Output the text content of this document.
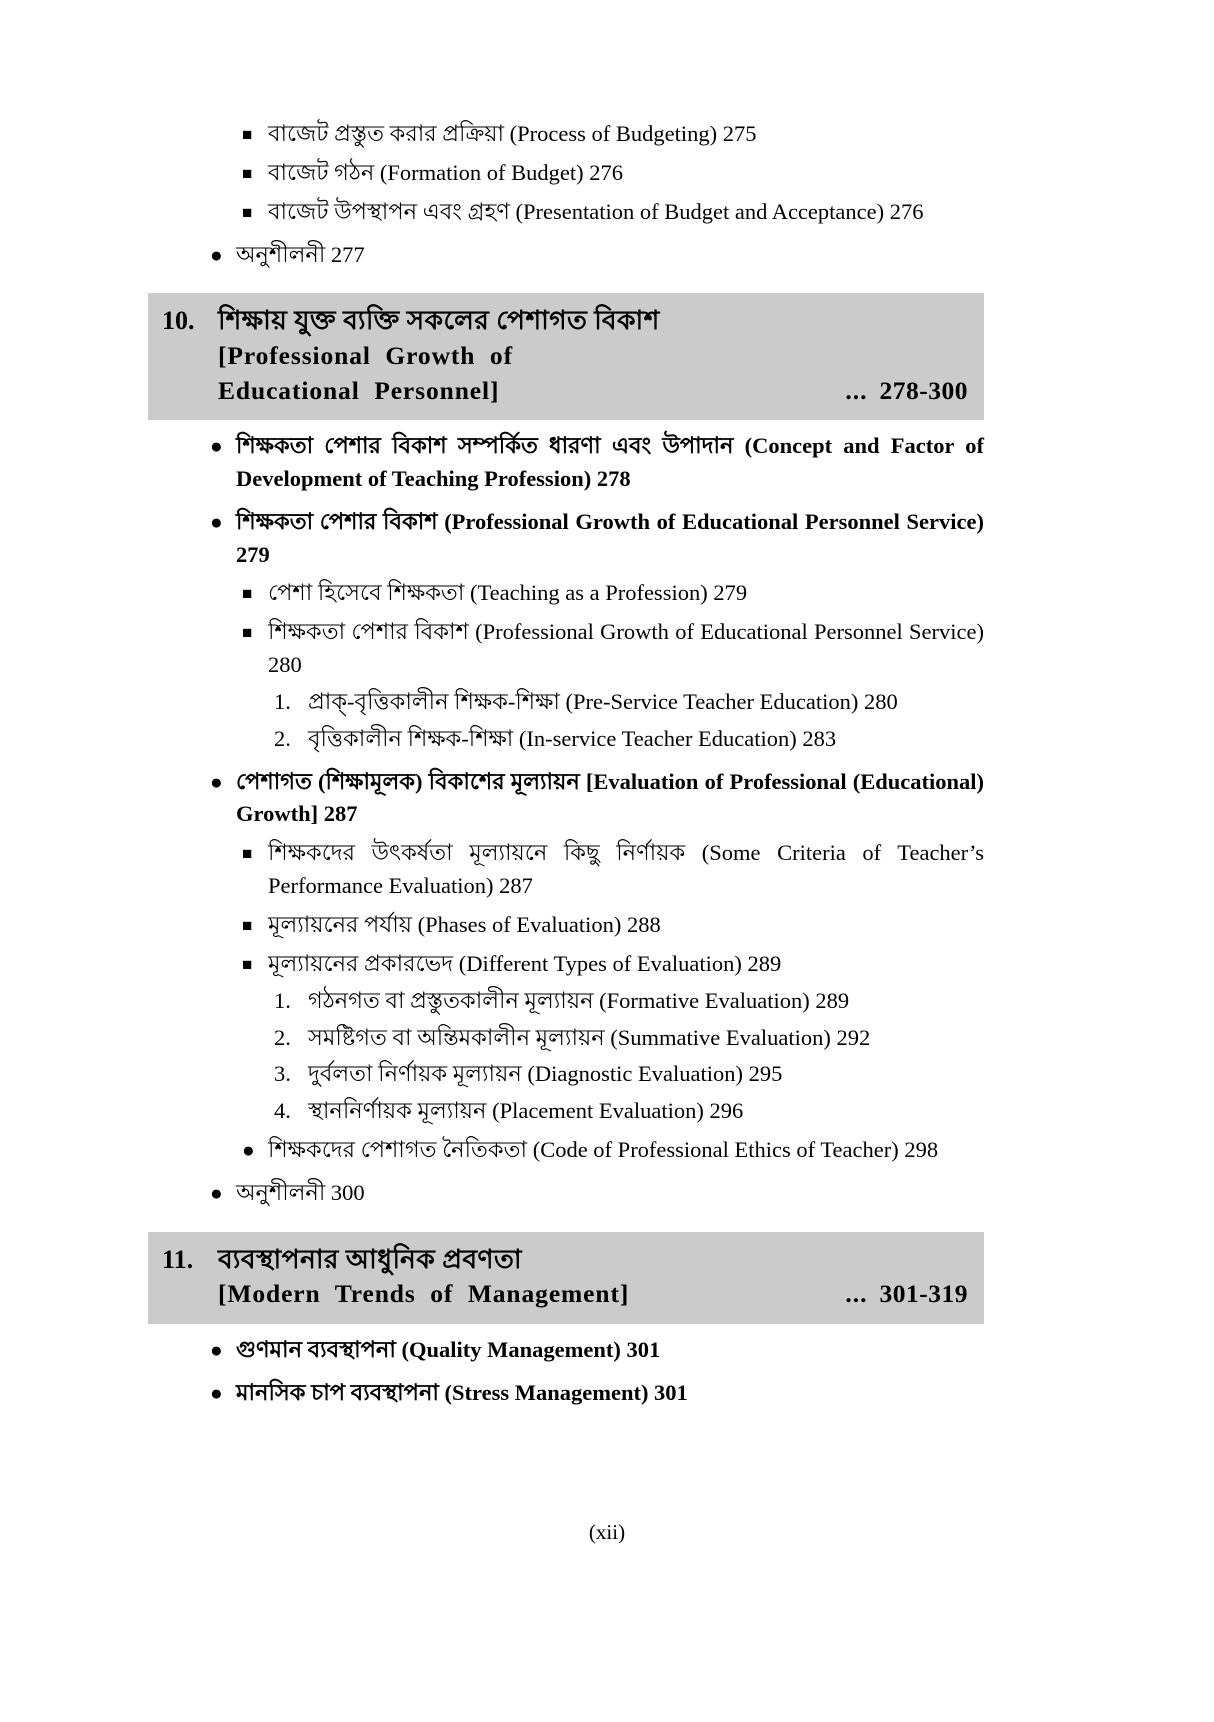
■ বাজেট প্রস্তুত করার প্রক্রিয়া (Process of Budgeting) 275
■ বাজেট গঠন (Formation of Budget) 276
■ বাজেট উপস্থাপন এবং গ্রহণ (Presentation of Budget and Acceptance) 276
● অনুশীলনী 277
10. শিক্ষায় যুক্ত ব্যক্তি সকলের পেশাগত বিকাশ
[Professional  Growth  of
Educational  Personnel]	... 278-300
● শিক্ষকতা পেশার বিকাশ সম্পর্কিত ধারণা এবং উপাদান (Concept and Factor of Development of Teaching Profession) 278
● শিক্ষকতা পেশার বিকাশ (Professional Growth of Educational Personnel Service) 279
■ পেশা হিসেবে শিক্ষকতা (Teaching as a Profession) 279
■ শিক্ষকতা পেশার বিকাশ (Professional Growth of Educational Personnel Service) 280
1. প্রাক্-বৃত্তিকালীন শিক্ষক-শিক্ষা (Pre-Service Teacher Education) 280
2. বৃত্তিকালীন শিক্ষক-শিক্ষা (In-service Teacher Education) 283
● পেশাগত (শিক্ষামূলক) বিকাশের মূল্যায়ন [Evaluation of Professional (Educational) Growth] 287
■ শিক্ষকদের উৎকর্ষতা মূল্যায়নে কিছু নির্ণায়ক (Some Criteria of Teacher’s Performance Evaluation) 287
■ মূল্যায়নের পর্যায় (Phases of Evaluation) 288
■ মূল্যায়নের প্রকারভেদ (Different Types of Evaluation) 289
1. গঠনগত বা প্রস্তুতকালীন মূল্যায়ন (Formative Evaluation) 289
2. সমষ্টিগত বা অন্তিমকালীন মূল্যায়ন (Summative Evaluation) 292
3. দুর্বলতা নির্ণায়ক মূল্যায়ন (Diagnostic Evaluation) 295
4. স্থাননির্ণায়ক মূল্যায়ন (Placement Evaluation) 296
● শিক্ষকদের পেশাগত নৈতিকতা (Code of Professional Ethics of Teacher) 298
● অনুশীলনী 300
11. ব্যবস্থাপনার আধুনিক প্রবণতা
[Modern  Trends  of  Management]	... 301-319
● গুণমান ব্যবস্থাপনা (Quality Management) 301
● মানসিক চাপ ব্যবস্থাপনা (Stress Management) 301
(xii)
